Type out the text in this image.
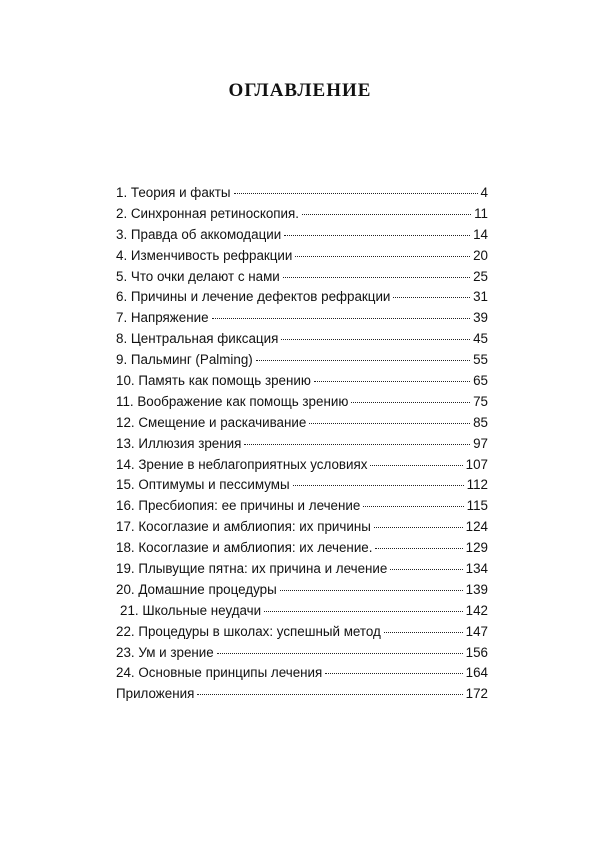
ОГЛАВЛЕНИЕ
1. Теория и факты	4
2. Синхронная ретиноскопия.	11
3. Правда об аккомодации	14
4. Изменчивость рефракции	20
5. Что очки делают с нами	25
6. Причины и лечение дефектов рефракции	31
7. Напряжение	39
8. Центральная фиксация	45
9. Пальминг (Palming)	55
10. Память как помощь зрению	65
11. Воображение как помощь зрению	75
12. Смещение и раскачивание	85
13. Иллюзия зрения	97
14. Зрение в неблагоприятных условиях	107
15. Оптимумы и пессимумы	112
16. Пресбиопия: ее причины и лечение	115
17. Косоглазие и амблиопия: их причины	124
18. Косоглазие и амблиопия: их лечение.	129
19. Плывущие пятна: их причина и лечение	134
20. Домашние процедуры	139
21. Школьные неудачи	142
22. Процедуры в школах: успешный метод	147
23. Ум и зрение	156
24. Основные принципы лечения	164
Приложения	172
